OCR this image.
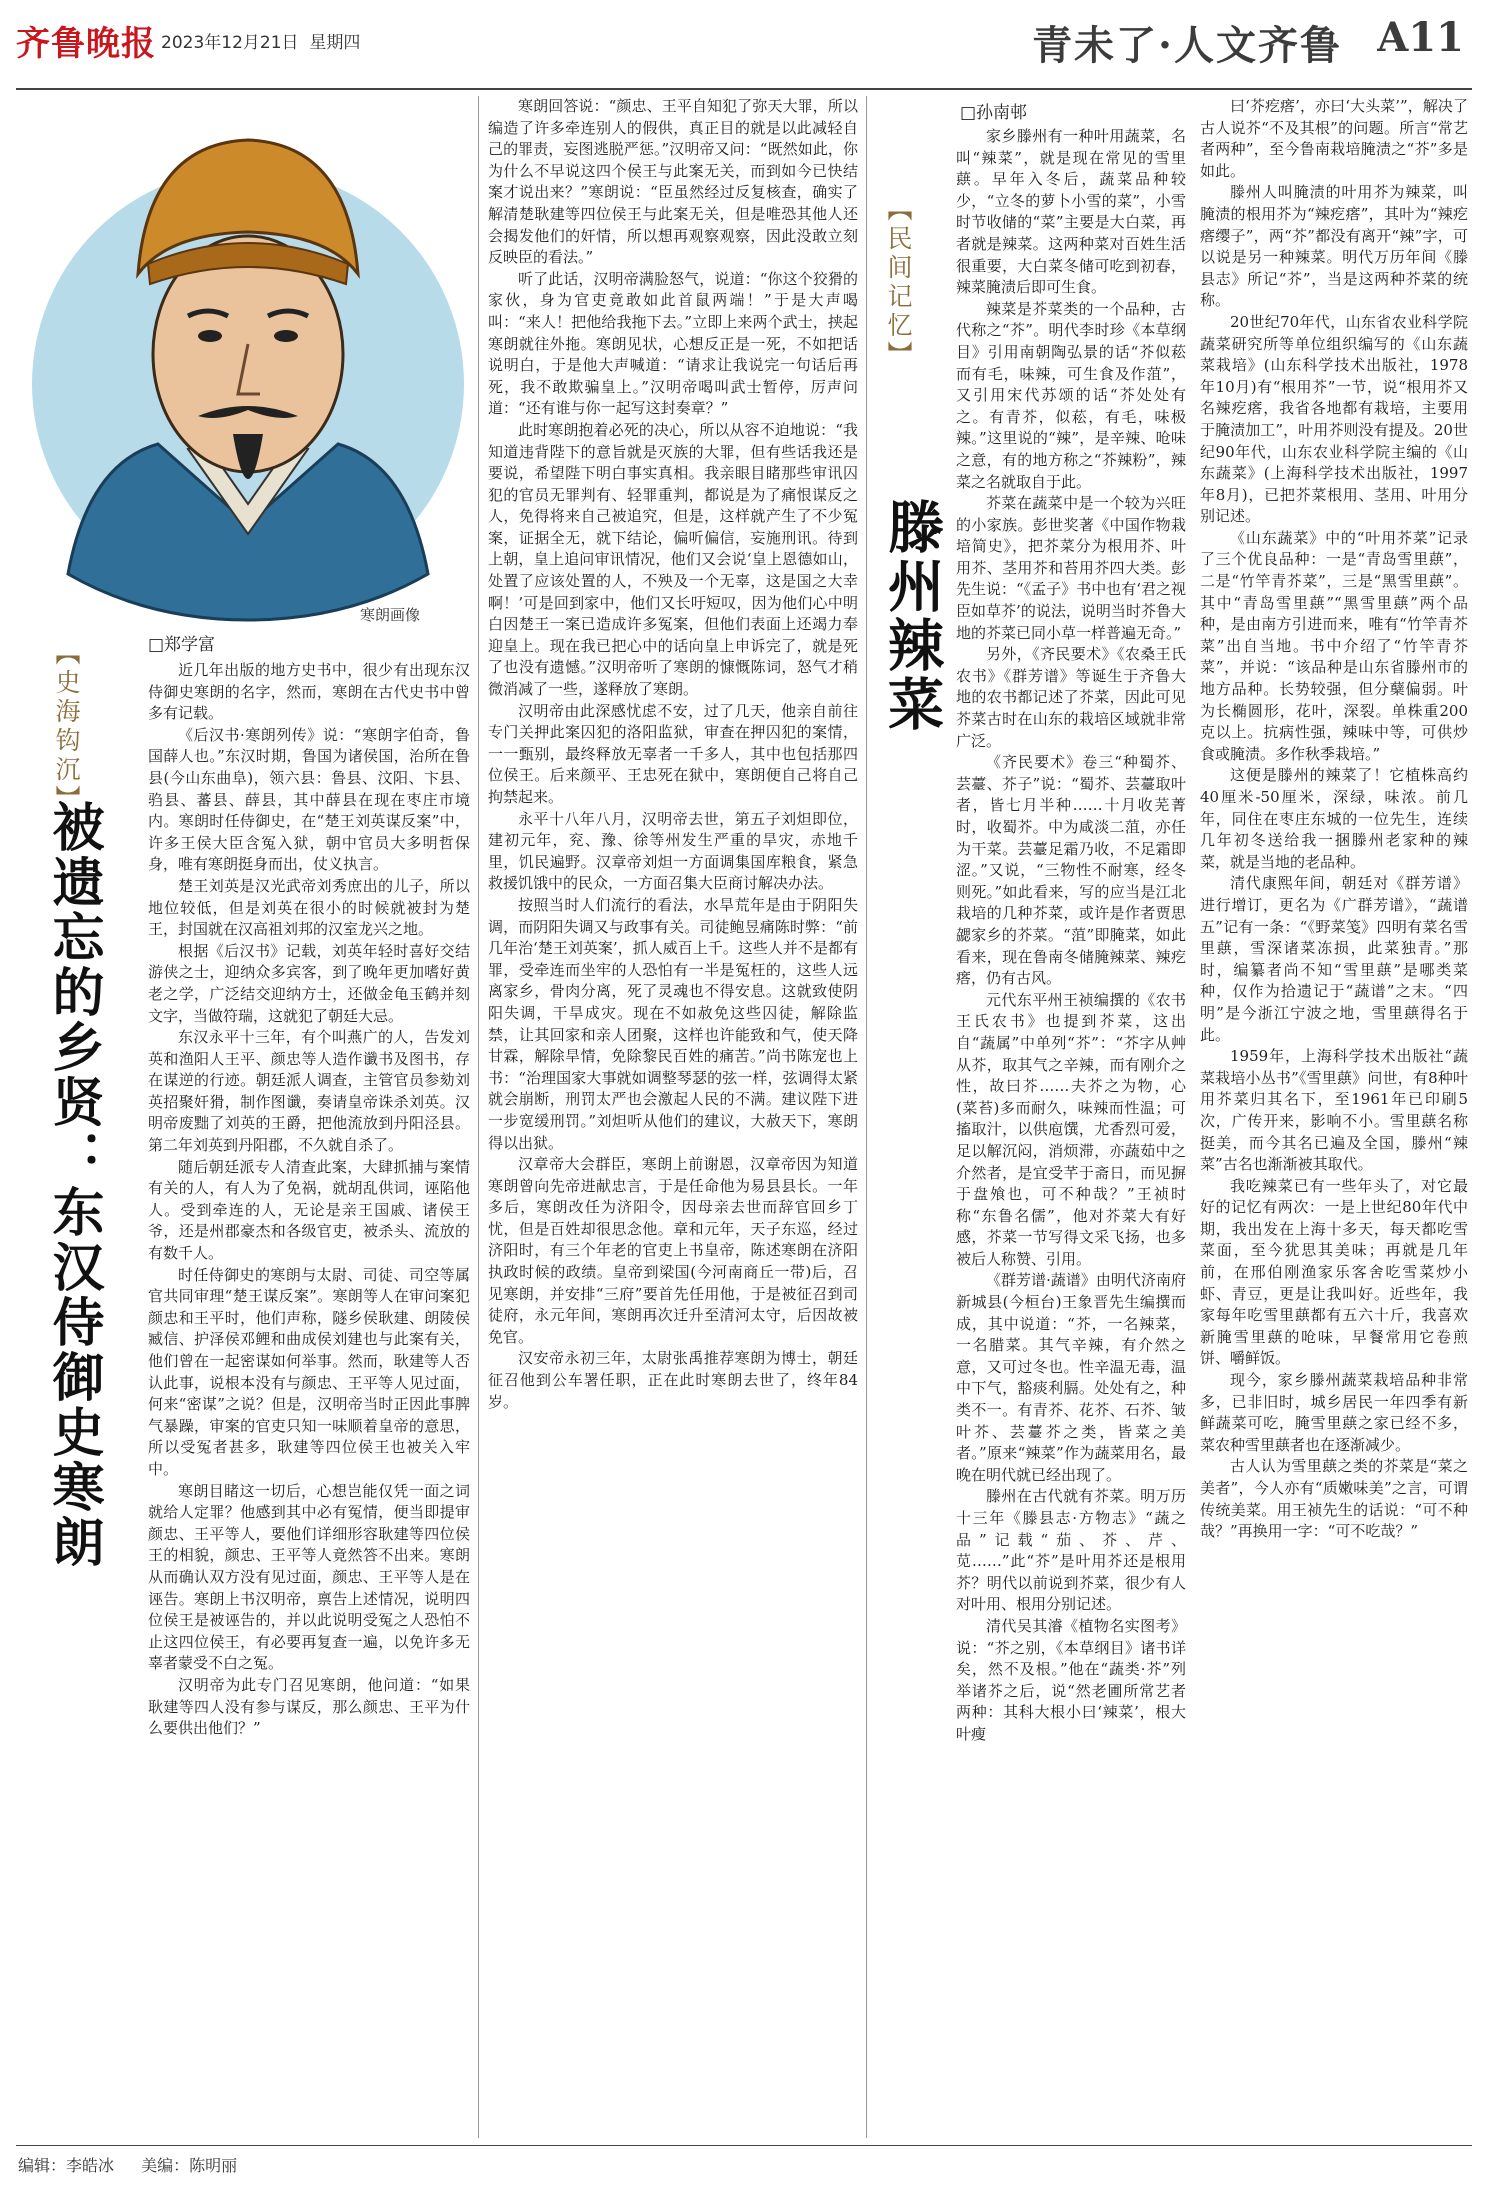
齐鲁晚报 2023年12月21日 星期四	青未了·人文齐鲁 A11
寒朗画像
【史海钩沉】
被遗忘的乡贤：东汉侍御史寒朗
□郑学富

近几年出版的地方史书中，很少有出现东汉侍御史寒朗的名字，然而，寒朗在古代史书中曾多有记载。

《后汉书·寒朗列传》说：“寒朗字伯奇，鲁国薛人也。”东汉时期，鲁国为诸侯国，治所在鲁县(今山东曲阜)，领六县：鲁县、汶阳、卞县、驺县、蕃县、薛县，其中薛县在现在枣庄市境内。寒朗时任侍御史，在“楚王刘英谋反案”中，许多王侯大臣含冤入狱，朝中官员大多明哲保身，唯有寒朗挺身而出，仗义执言。

楚王刘英是汉光武帝刘秀庶出的儿子，所以地位较低，但是刘英在很小的时候就被封为楚王，封国就在汉高祖刘邦的汉室龙兴之地。

根据《后汉书》记载，刘英年轻时喜好交结游侠之士，迎纳众多宾客，到了晚年更加嗜好黄老之学，广泛结交迎纳方士，还做金龟玉鹤并刻文字，当做符瑞，这就犯了朝廷大忌。

东汉永平十三年，有个叫燕广的人，告发刘英和渔阳人王平、颜忠等人造作谶书及图书，存在谋逆的行迹。朝廷派人调查，主管官员参劾刘英招聚奸猾，制作图谶，奏请皇帝诛杀刘英。汉明帝废黜了刘英的王爵，把他流放到丹阳泾县。第二年刘英到丹阳郡，不久就自杀了。

随后朝廷派专人清查此案，大肆抓捕与案情有关的人，有人为了免祸，就胡乱供词，诬陷他人。受到牵连的人，无论是亲王国戚、诸侯王爷，还是州郡豪杰和各级官吏，被杀头、流放的有数千人。

时任侍御史的寒朗与太尉、司徒、司空等属官共同审理“楚王谋反案”。寒朗等人在审问案犯颜忠和王平时，他们声称，隧乡侯耿建、朗陵侯臧信、护泽侯邓鲤和曲成侯刘建也与此案有关，他们曾在一起密谋如何举事。然而，耿建等人否认此事，说根本没有与颜忠、王平等人见过面，何来“密谋”之说？但是，汉明帝当时正因此事脾气暴躁，审案的官吏只知一味顺着皇帝的意思，所以受冤者甚多，耿建等四位侯王也被关入牢中。

寒朗目睹这一切后，心想岂能仅凭一面之词就给人定罪？他感到其中必有冤情，便当即提审颜忠、王平等人，要他们详细形容耿建等四位侯王的相貌，颜忠、王平等人竟然答不出来。寒朗从而确认双方没有见过面，颜忠、王平等人是在诬告。寒朗上书汉明帝，禀告上述情况，说明四位侯王是被诬告的，并以此说明受冤之人恐怕不止这四位侯王，有必要再复查一遍，以免许多无辜者蒙受不白之冤。

汉明帝为此专门召见寒朗，他问道：“如果耿建等四人没有参与谋反，那么颜忠、王平为什么要供出他们？”

寒朗回答说：“颜忠、王平自知犯了弥天大罪，所以编造了许多牵连别人的假供，真正目的就是以此减轻自己的罪责，妄图逃脱严惩。”汉明帝又问：“既然如此，你为什么不早说这四个侯王与此案无关，而到如今已快结案才说出来？”寒朗说：“臣虽然经过反复核查，确实了解清楚耿建等四位侯王与此案无关，但是唯恐其他人还会揭发他们的奸情，所以想再观察观察，因此没敢立刻反映臣的看法。”

听了此话，汉明帝满脸怒气，说道：“你这个狡猾的家伙，身为官吏竟敢如此首鼠两端！”于是大声喝叫：“来人！把他给我拖下去。”立即上来两个武士，挟起寒朗就往外拖。寒朗见状，心想反正是一死，不如把话说明白，于是他大声喊道：“请求让我说完一句话后再死，我不敢欺骗皇上。”汉明帝喝叫武士暂停，厉声问道：“还有谁与你一起写这封奏章？”

此时寒朗抱着必死的决心，所以从容不迫地说：“我知道违背陛下的意旨就是灭族的大罪，但有些话我还是要说，希望陛下明白事实真相。我亲眼目睹那些审讯囚犯的官员无罪判有、轻罪重判，都说是为了痛恨谋反之人，免得将来自己被追究，但是，这样就产生了不少冤案，证据全无，就下结论，偏听偏信，妄施刑讯。待到上朝，皇上追问审讯情况，他们又会说‘皇上恩德如山，处置了应该处置的人，不殃及一个无辜，这是国之大幸啊！’可是回到家中，他们又长吁短叹，因为他们心中明白因楚王一案已造成许多冤案，但他们表面上还竭力奉迎皇上。现在我已把心中的话向皇上申诉完了，就是死了也没有遗憾。”汉明帝听了寒朗的慷慨陈词，怒气才稍微消减了一些，遂释放了寒朗。

汉明帝由此深感忧虑不安，过了几天，他亲自前往专门关押此案囚犯的洛阳监狱，审查在押囚犯的案情，一一甄别，最终释放无辜者一千多人，其中也包括那四位侯王。后来颜平、王忠死在狱中，寒朗便自己将自己拘禁起来。

永平十八年八月，汉明帝去世，第五子刘炟即位，建初元年，兖、豫、徐等州发生严重的旱灾，赤地千里，饥民遍野。汉章帝刘炟一方面调集国库粮食，紧急救援饥饿中的民众，一方面召集大臣商讨解决办法。

按照当时人们流行的看法，水旱荒年是由于阴阳失调，而阴阳失调又与政事有关。司徒鲍昱痛陈时弊：“前几年治‘楚王刘英案’，抓人威百上千。这些人并不是都有罪，受牵连而坐牢的人恐怕有一半是冤枉的，这些人远离家乡，骨肉分离，死了灵魂也不得安息。这就致使阴阳失调，干旱成灾。现在不如赦免这些囚徒，解除监禁，让其回家和亲人团聚，这样也许能致和气，使天降甘霖，解除旱情，免除黎民百姓的痛苦。”尚书陈宠也上书：“治理国家大事就如调整琴瑟的弦一样，弦调得太紧就会崩断，刑罚太严也会激起人民的不满。建议陛下进一步宽缓刑罚。”刘炟听从他们的建议，大赦天下，寒朗得以出狱。

汉章帝大会群臣，寒朗上前谢恩，汉章帝因为知道寒朗曾向先帝进献忠言，于是任命他为易县县长。一年多后，寒朗改任为济阳令，因母亲去世而辞官回乡丁忧，但是百姓却很思念他。章和元年，天子东巡，经过济阳时，有三个年老的官吏上书皇帝，陈述寒朗在济阳执政时候的政绩。皇帝到梁国(今河南商丘一带)后，召见寒朗，并安排“三府”要首先任用他，于是被征召到司徒府，永元年间，寒朗再次迁升至清河太守，后因故被免官。

汉安帝永初三年，太尉张禹推荐寒朗为博士，朝廷征召他到公车署任职，正在此时寒朗去世了，终年84岁。

□孙南邨
【民间记忆】
滕州辣菜

家乡滕州有一种叶用蔬菜，名叫“辣菜”，就是现在常见的雪里蕻。早年入冬后，蔬菜品种较少，“立冬的萝卜小雪的菜”，小雪时节收储的“菜”主要是大白菜，再者就是辣菜。这两种菜对百姓生活很重要，大白菜冬储可吃到初春，辣菜腌渍后即可生食。

辣菜是芥菜类的一个品种，古代称之“芥”。明代李时珍《本草纲目》引用南朝陶弘景的话“芥似菘而有毛，味辣，可生食及作菹”，又引用宋代苏颂的话“芥处处有之。有青芥，似菘，有毛，味极辣。”这里说的“辣”，是辛辣、呛味之意，有的地方称之“芥辣粉”，辣菜之名就取自于此。

芥菜在蔬菜中是一个较为兴旺的小家族。彭世奖著《中国作物栽培简史》，把芥菜分为根用芥、叶用芥、茎用芥和苔用芥四大类。彭先生说：“《孟子》书中也有‘君之视臣如草芥’的说法，说明当时芥鲁大地的芥菜已同小草一样普遍无奇。”

另外，《齐民要术》《农桑王氏农书》《群芳谱》等诞生于齐鲁大地的农书都记述了芥菜，因此可见芥菜古时在山东的栽培区域就非常广泛。

《齐民要术》卷三“种蜀芥、芸薹、芥子”说：“蜀芥、芸薹取叶者，皆七月半种……十月收芜菁时，收蜀芥。中为咸淡二菹，亦任为干菜。芸薹足霜乃收，不足霜即涩。”又说，“三物性不耐寒，经冬则死。”如此看来，写的应当是江北栽培的几种芥菜，或许是作者贾思勰家乡的芥菜。“菹”即腌菜，如此看来，现在鲁南冬储腌辣菜、辣疙瘩，仍有古风。

元代东平州王祯编撰的《农书王氏农书》也提到芥菜，这出自“蔬属”中单列“芥”：“芥字从艸从芥，取其气之辛辣，而有刚介之性，故曰芥……夫芥之为物，心(菜苔)多而耐久，味辣而性温；可搐取汁，以供庖馔，尤香烈可爱，足以解沉闷，消烦滞，亦蔬茹中之介然者，是宜受芊于斋日，而见摒于盘飧也，可不种哉？”王祯时称“东鲁名儒”，他对芥菜大有好感，芥菜一节写得文采飞扬，也多被后人称赞、引用。

《群芳谱·蔬谱》由明代济南府新城县(今桓台)王象晋先生编撰而成，其中说道：“芥，一名辣菜，一名腊菜。其气辛辣，有介然之意，又可过冬也。性辛温无毒，温中下气，豁痰利膈。处处有之，种类不一。有青芥、花芥、石芥、皱叶芥、芸薹芥之类，皆菜之美者。”原来“辣菜”作为蔬菜用名，最晚在明代就已经出现了。

滕州在古代就有芥菜。明万历十三年《滕县志·方物志》“蔬之品”记载“茄、芥、芹、苋……”此“芥”是叶用芥还是根用芥？明代以前说到芥菜，很少有人对叶用、根用分别记述。

清代吴其濬《植物名实图考》说：“芥之别，《本草纲目》诸书详矣，然不及根。”他在“蔬类·芥”列举诸芥之后，说“然老圃所常艺者两种：其科大根小曰‘辣菜’，根大叶瘦

曰‘芥疙瘩’，亦曰‘大头菜’”，解决了古人说芥“不及其根”的问题。所言“常艺者两种”，至今鲁南栽培腌渍之“芥”多是如此。

滕州人叫腌渍的叶用芥为辣菜，叫腌渍的根用芥为“辣疙瘩”，其叶为“辣疙瘩缨子”，两“芥”都没有离开“辣”字，可以说是另一种辣菜。明代万历年间《滕县志》所记“芥”，当是这两种芥菜的统称。

20世纪70年代，山东省农业科学院蔬菜研究所等单位组织编写的《山东蔬菜栽培》(山东科学技术出版社，1978年10月)有“根用芥”一节，说“根用芥又名辣疙瘩，我省各地都有栽培，主要用于腌渍加工”，叶用芥则没有提及。20世纪90年代，山东农业科学院主编的《山东蔬菜》(上海科学技术出版社，1997年8月)，已把芥菜根用、茎用、叶用分别记述。

《山东蔬菜》中的“叶用芥菜”记录了三个优良品种：一是“青岛雪里蕻”，二是“竹竿青芥菜”，三是“黑雪里蕻”。其中“青岛雪里蕻”“黑雪里蕻”两个品种，是由南方引进而来，唯有“竹竿青芥菜”出自当地。书中介绍了“竹竿青芥菜”，并说：“该品种是山东省滕州市的地方品种。长势较强，但分蘖偏弱。叶为长椭圆形，花叶，深裂。单株重200克以上。抗病性强，辣味中等，可供炒食或腌渍。多作秋季栽培。”

这便是滕州的辣菜了！它植株高约40厘米-50厘米，深绿，味浓。前几年，同住在枣庄东城的一位先生，连续几年初冬送给我一捆滕州老家种的辣菜，就是当地的老品种。

清代康熙年间，朝廷对《群芳谱》进行增订，更名为《广群芳谱》，“蔬谱五”记有一条：“《野菜笺》四明有菜名雪里蕻，雪深诸菜冻损，此菜独青。”那时，编纂者尚不知“雪里蕻”是哪类菜种，仅作为拾遗记于“蔬谱”之末。“四明”是今浙江宁波之地，雪里蕻得名于此。

1959年，上海科学技术出版社“蔬菜栽培小丛书”《雪里蕻》问世，有8种叶用芥菜归其名下，至1961年已印刷5次，广传开来，影响不小。雪里蕻名称挺美，而今其名已遍及全国，滕州“辣菜”古名也渐渐被其取代。

我吃辣菜已有一些年头了，对它最好的记忆有两次：一是上世纪80年代中期，我出发在上海十多天，每天都吃雪菜面，至今犹思其美味；再就是几年前，在邢伯刚渔家乐客舍吃雪菜炒小虾、青豆，更是让我叫好。近些年，我家每年吃雪里蕻都有五六十斤，我喜欢新腌雪里蕻的呛味，早餐常用它卷煎饼、嚼鲜饭。

现今，家乡滕州蔬菜栽培品种非常多，已非旧时，城乡居民一年四季有新鲜蔬菜可吃，腌雪里蕻之家已经不多，菜农种雪里蕻者也在逐渐减少。

古人认为雪里蕻之类的芥菜是“菜之美者”，今人亦有“质嫩味美”之言，可谓传统美菜。用王祯先生的话说：“可不种哉？”再换用一字：“可不吃哉？”

编辑：李皓冰 美编：陈明丽
